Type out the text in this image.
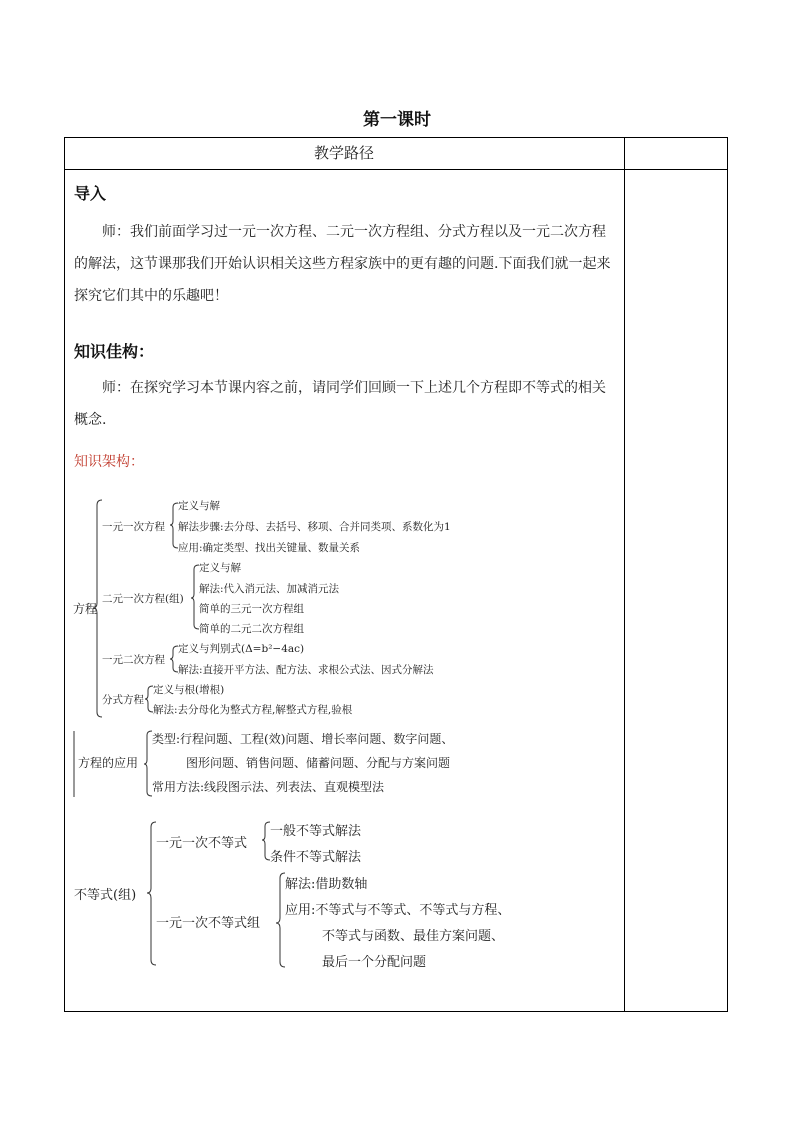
第一课时
教学路径
导入
师：我们前面学习过一元一次方程、二元一次方程组、分式方程以及一元二次方程的解法，这节课那我们开始认识相关这些方程家族中的更有趣的问题.下面我们就一起来探究它们其中的乐趣吧！
知识佳构：
师：在探究学习本节课内容之前，请同学们回顾一下上述几个方程即不等式的相关概念.
知识架构：
方程
一元一次方程
定义与解
解法步骤:去分母、去括号、移项、合并同类项、系数化为1
应用:确定类型、找出关键量、数量关系
二元一次方程(组)
定义与解
解法:代入消元法、加减消元法
简单的三元一次方程组
简单的二元二次方程组
一元二次方程
定义与判别式(Δ=b²−4ac)
解法:直接开平方法、配方法、求根公式法、因式分解法
分式方程
定义与根(增根)
解法:去分母化为整式方程,解整式方程,验根
方程的应用
类型:行程问题、工程(效)问题、增长率问题、数字问题、
图形问题、销售问题、储蓄问题、分配与方案问题
常用方法:线段图示法、列表法、直观模型法
不等式(组)
一元一次不等式
一般不等式解法
条件不等式解法
一元一次不等式组
解法:借助数轴
应用:不等式与不等式、不等式与方程、
不等式与函数、最佳方案问题、
最后一个分配问题
